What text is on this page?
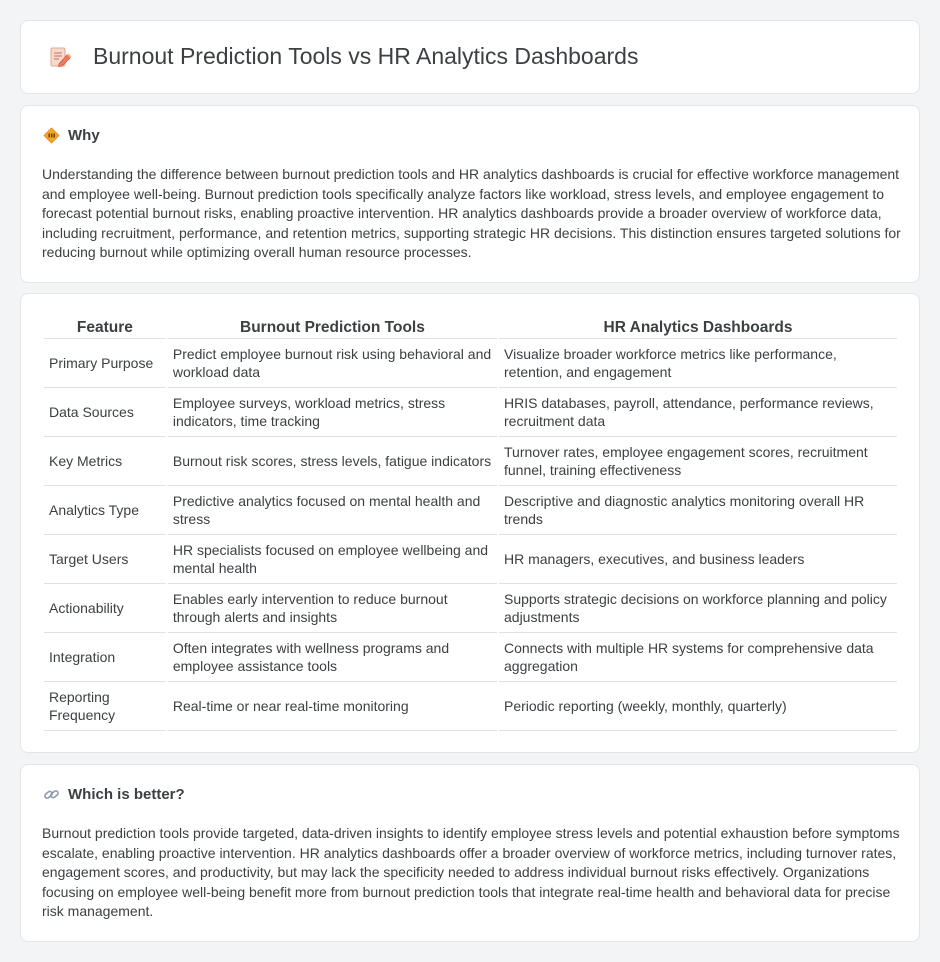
Burnout Prediction Tools vs HR Analytics Dashboards
Why

Understanding the difference between burnout prediction tools and HR analytics dashboards is crucial for effective workforce management and employee well-being. Burnout prediction tools specifically analyze factors like workload, stress levels, and employee engagement to forecast potential burnout risks, enabling proactive intervention. HR analytics dashboards provide a broader overview of workforce data, including recruitment, performance, and retention metrics, supporting strategic HR decisions. This distinction ensures targeted solutions for reducing burnout while optimizing overall human resource processes.

Feature	Burnout Prediction Tools	HR Analytics Dashboards
Primary Purpose	Predict employee burnout risk using behavioral and workload data	Visualize broader workforce metrics like performance, retention, and engagement
Data Sources	Employee surveys, workload metrics, stress indicators, time tracking	HRIS databases, payroll, attendance, performance reviews, recruitment data
Key Metrics	Burnout risk scores, stress levels, fatigue indicators	Turnover rates, employee engagement scores, recruitment funnel, training effectiveness
Analytics Type	Predictive analytics focused on mental health and stress	Descriptive and diagnostic analytics monitoring overall HR trends
Target Users	HR specialists focused on employee wellbeing and mental health	HR managers, executives, and business leaders
Actionability	Enables early intervention to reduce burnout through alerts and insights	Supports strategic decisions on workforce planning and policy adjustments
Integration	Often integrates with wellness programs and employee assistance tools	Connects with multiple HR systems for comprehensive data aggregation
Reporting Frequency	Real-time or near real-time monitoring	Periodic reporting (weekly, monthly, quarterly)
Which is better?

Burnout prediction tools provide targeted, data-driven insights to identify employee stress levels and potential exhaustion before symptoms escalate, enabling proactive intervention. HR analytics dashboards offer a broader overview of workforce metrics, including turnover rates, engagement scores, and productivity, but may lack the specificity needed to address individual burnout risks effectively. Organizations focusing on employee well-being benefit more from burnout prediction tools that integrate real-time health and behavioral data for precise risk management.
